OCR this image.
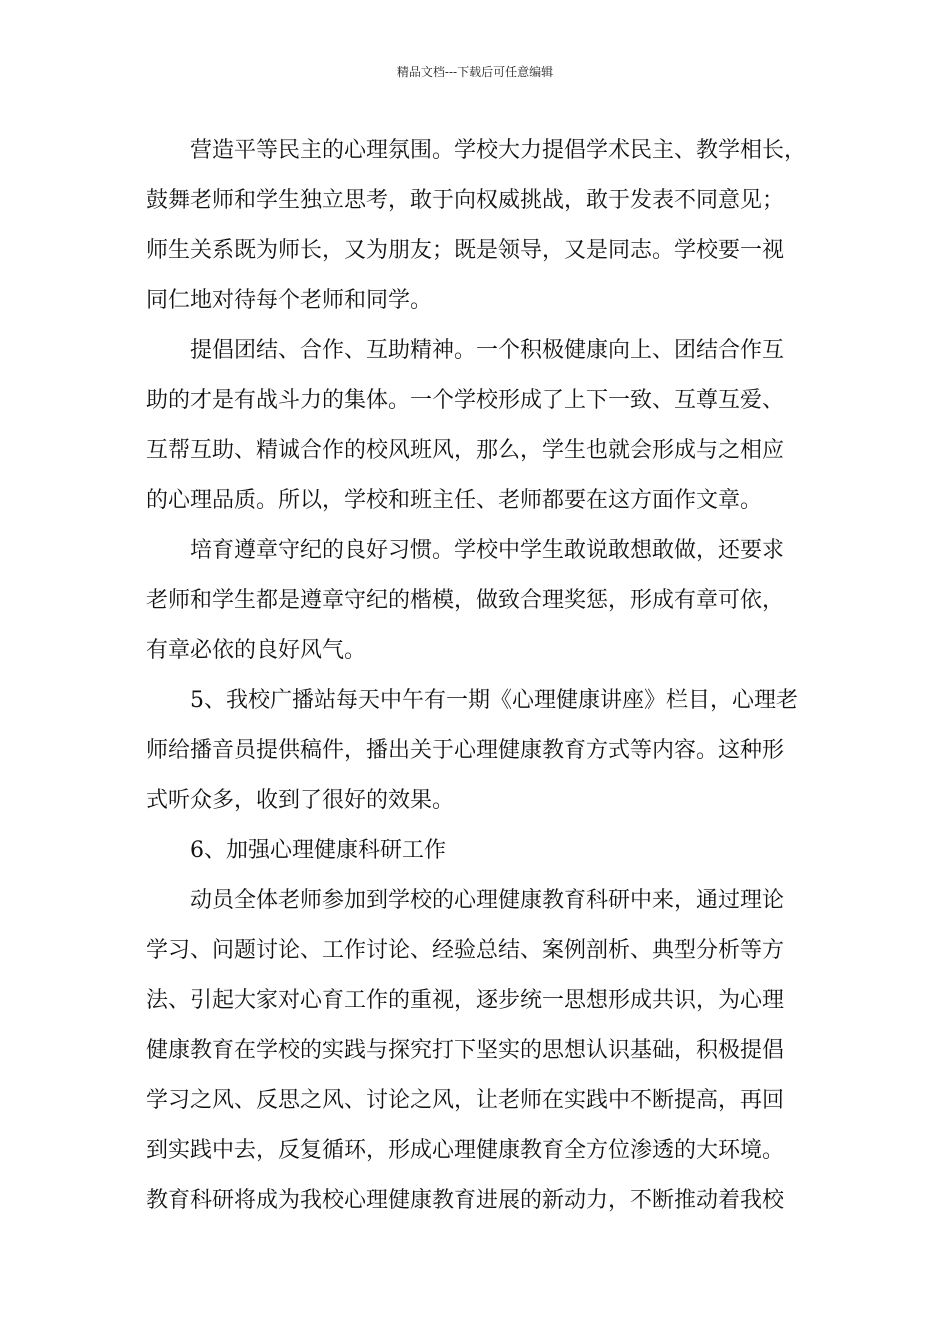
精品文档---下载后可任意编辑
营造平等民主的心理氛围。学校大力提倡学术民主、教学相长，
鼓舞老师和学生独立思考，敢于向权威挑战，敢于发表不同意见；
师生关系既为师长，又为朋友；既是领导，又是同志。学校要一视
同仁地对待每个老师和同学。
提倡团结、合作、互助精神。一个积极健康向上、团结合作互
助的才是有战斗力的集体。一个学校形成了上下一致、互尊互爱、
互帮互助、精诚合作的校风班风，那么，学生也就会形成与之相应
的心理品质。所以，学校和班主任、老师都要在这方面作文章。
培育遵章守纪的良好习惯。学校中学生敢说敢想敢做，还要求
老师和学生都是遵章守纪的楷模，做致合理奖惩，形成有章可依，
有章必依的良好风气。
5、我校广播站每天中午有一期《心理健康讲座》栏目，心理老
师给播音员提供稿件，播出关于心理健康教育方式等内容。这种形
式听众多，收到了很好的效果。
6、加强心理健康科研工作
动员全体老师参加到学校的心理健康教育科研中来，通过理论
学习、问题讨论、工作讨论、经验总结、案例剖析、典型分析等方
法、引起大家对心育工作的重视，逐步统一思想形成共识，为心理
健康教育在学校的实践与探究打下坚实的思想认识基础，积极提倡
学习之风、反思之风、讨论之风，让老师在实践中不断提高，再回
到实践中去，反复循环，形成心理健康教育全方位渗透的大环境。
教育科研将成为我校心理健康教育进展的新动力，不断推动着我校
